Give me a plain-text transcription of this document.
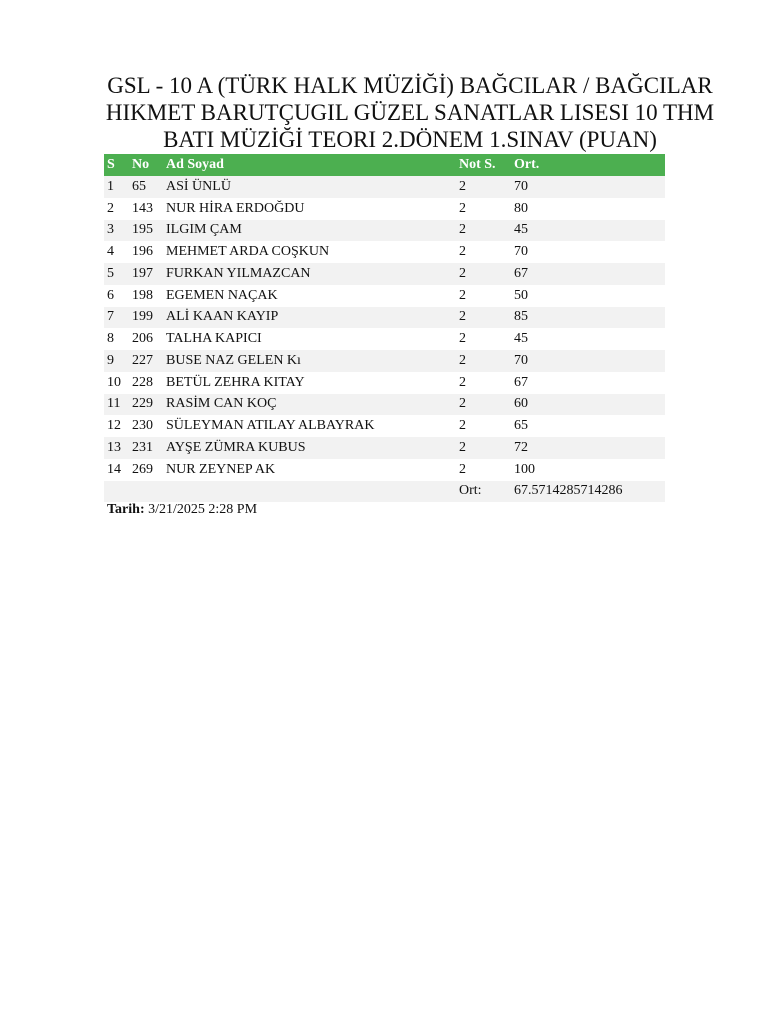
GSL - 10 A (TÜRK HALK MÜZİĞİ) BAĞCILAR / BAĞCILAR
HIKMET BARUTÇUGIL GÜZEL SANATLAR LISESI 10 THM
BATI MÜZİĞİ TEORI 2.DÖNEM 1.SINAV (PUAN)
S	No	Ad Soyad	Not S.	Ort.
1	65	ASİ ÜNLÜ	2	70
2	143	NUR HİRA ERDOĞDU	2	80
3	195	ILGIM ÇAM	2	45
4	196	MEHMET ARDA COŞKUN	2	70
5	197	FURKAN YILMAZCAN	2	67
6	198	EGEMEN NAÇAK	2	50
7	199	ALİ KAAN KAYIP	2	85
8	206	TALHA KAPICI	2	45
9	227	BUSE NAZ GELEN Kı	2	70
10	228	BETÜL ZEHRA KITAY	2	67
11	229	RASİM CAN KOÇ	2	60
12	230	SÜLEYMAN ATILAY ALBAYRAK	2	65
13	231	AYŞE ZÜMRA KUBUS	2	72
14	269	NUR ZEYNEP AK	2	100
			Ort:	67.5714285714286
Tarih: 3/21/2025 2:28 PM
